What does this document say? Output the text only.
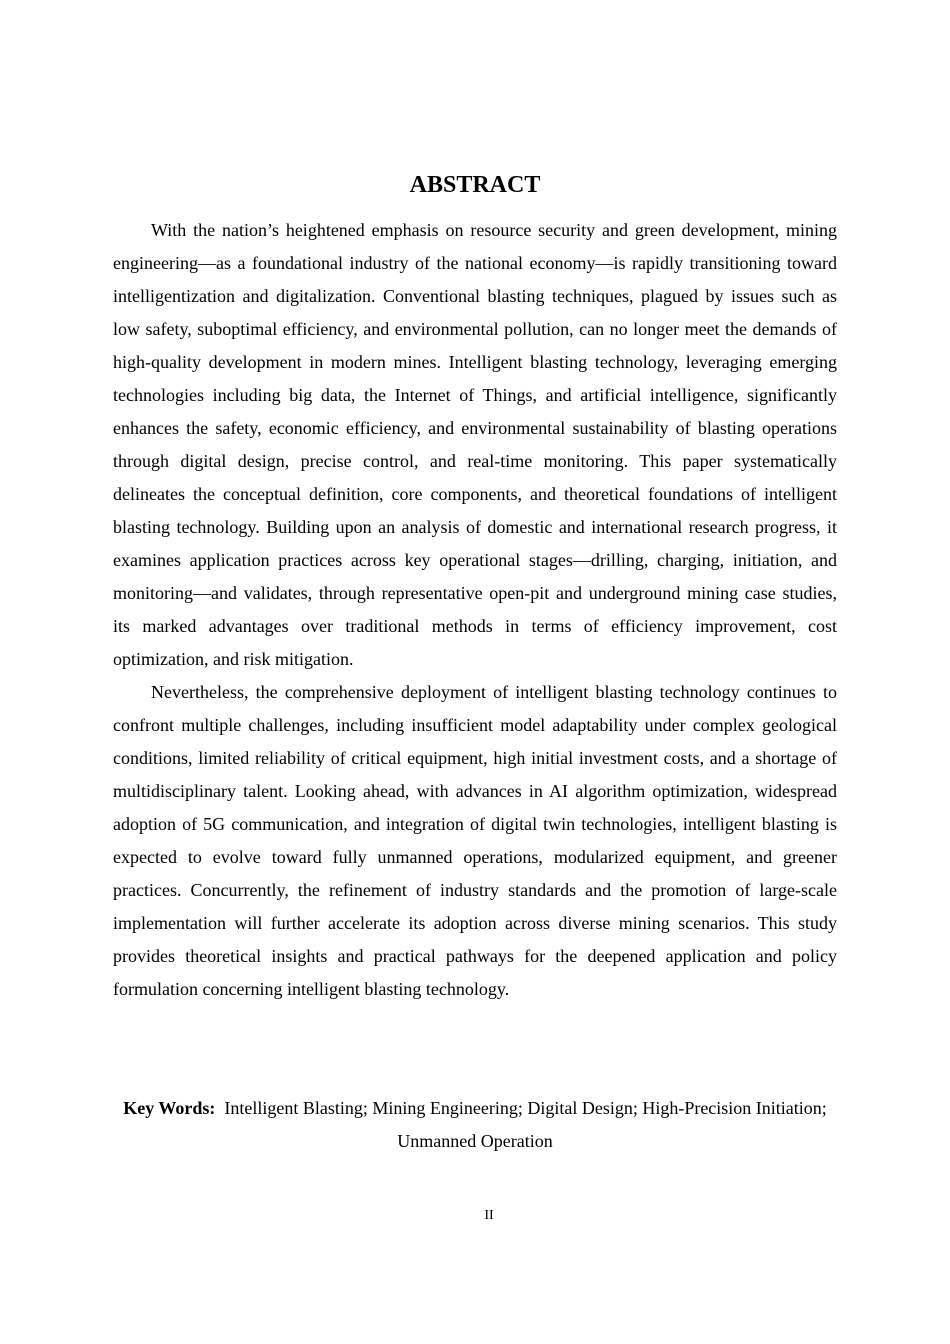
ABSTRACT

With the nation’s heightened emphasis on resource security and green development, mining engineering—as a foundational industry of the national economy—is rapidly transitioning toward intelligentization and digitalization. Conventional blasting techniques, plagued by issues such as low safety, suboptimal efficiency, and environmental pollution, can no longer meet the demands of high-quality development in modern mines. Intelligent blasting technology, leveraging emerging technologies including big data, the Internet of Things, and artificial intelligence, significantly enhances the safety, economic efficiency, and environmental sustainability of blasting operations through digital design, precise control, and real-time monitoring. This paper systematically delineates the conceptual definition, core components, and theoretical foundations of intelligent blasting technology. Building upon an analysis of domestic and international research progress, it examines application practices across key operational stages—drilling, charging, initiation, and monitoring—and validates, through representative open-pit and underground mining case studies, its marked advantages over traditional methods in terms of efficiency improvement, cost optimization, and risk mitigation.

Nevertheless, the comprehensive deployment of intelligent blasting technology continues to confront multiple challenges, including insufficient model adaptability under complex geological conditions, limited reliability of critical equipment, high initial investment costs, and a shortage of multidisciplinary talent. Looking ahead, with advances in AI algorithm optimization, widespread adoption of 5G communication, and integration of digital twin technologies, intelligent blasting is expected to evolve toward fully unmanned operations, modularized equipment, and greener practices. Concurrently, the refinement of industry standards and the promotion of large-scale implementation will further accelerate its adoption across diverse mining scenarios. This study provides theoretical insights and practical pathways for the deepened application and policy formulation concerning intelligent blasting technology.

Key Words: Intelligent Blasting; Mining Engineering; Digital Design; High-Precision Initiation; Unmanned Operation

II
